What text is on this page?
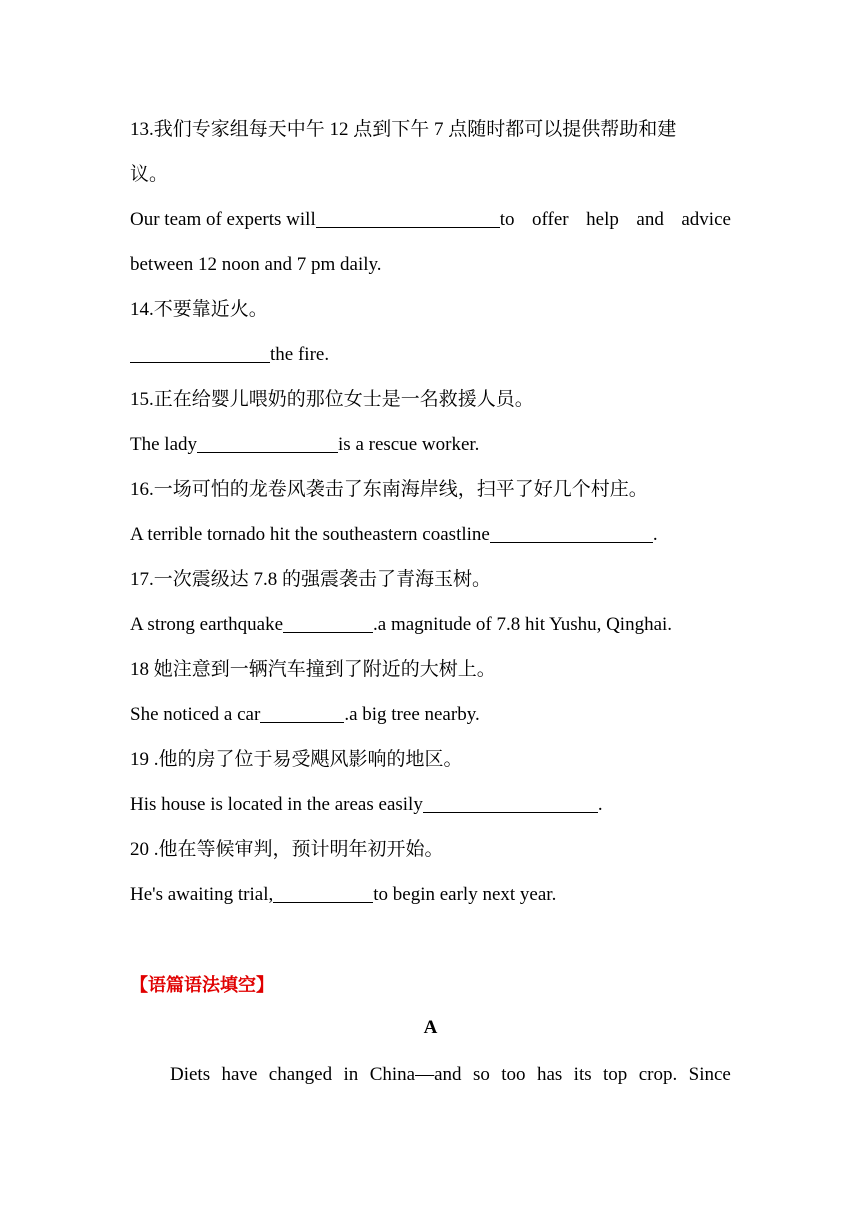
13.我们专家组每天中午 12 点到下午 7 点随时都可以提供帮助和建
议。
Our team of experts will	to offer help and advice
between 12 noon and 7 pm daily.
14.不要靠近火。
the fire.
15.正在给婴儿喂奶的那位女士是一名救援人员。
The lady	is a rescue worker.
16.一场可怕的龙卷风袭击了东南海岸线，扫平了好几个村庄。
A terrible tornado hit the southeastern coastline	.
17.一次震级达 7.8 的强震袭击了青海玉树。
A strong earthquake	.a magnitude of 7.8 hit Yushu, Qinghai.
18 她注意到一辆汽车撞到了附近的大树上。
She noticed a car	.a big tree nearby.
19 .他的房了位于易受飓风影响的地区。
His house is located in the areas easily	.
20 .他在等候审判，预计明年初开始。
He's awaiting trial,	to begin early next year.
【语篇语法填空】
A
Diets have changed in China—and so too has its top crop. Since
